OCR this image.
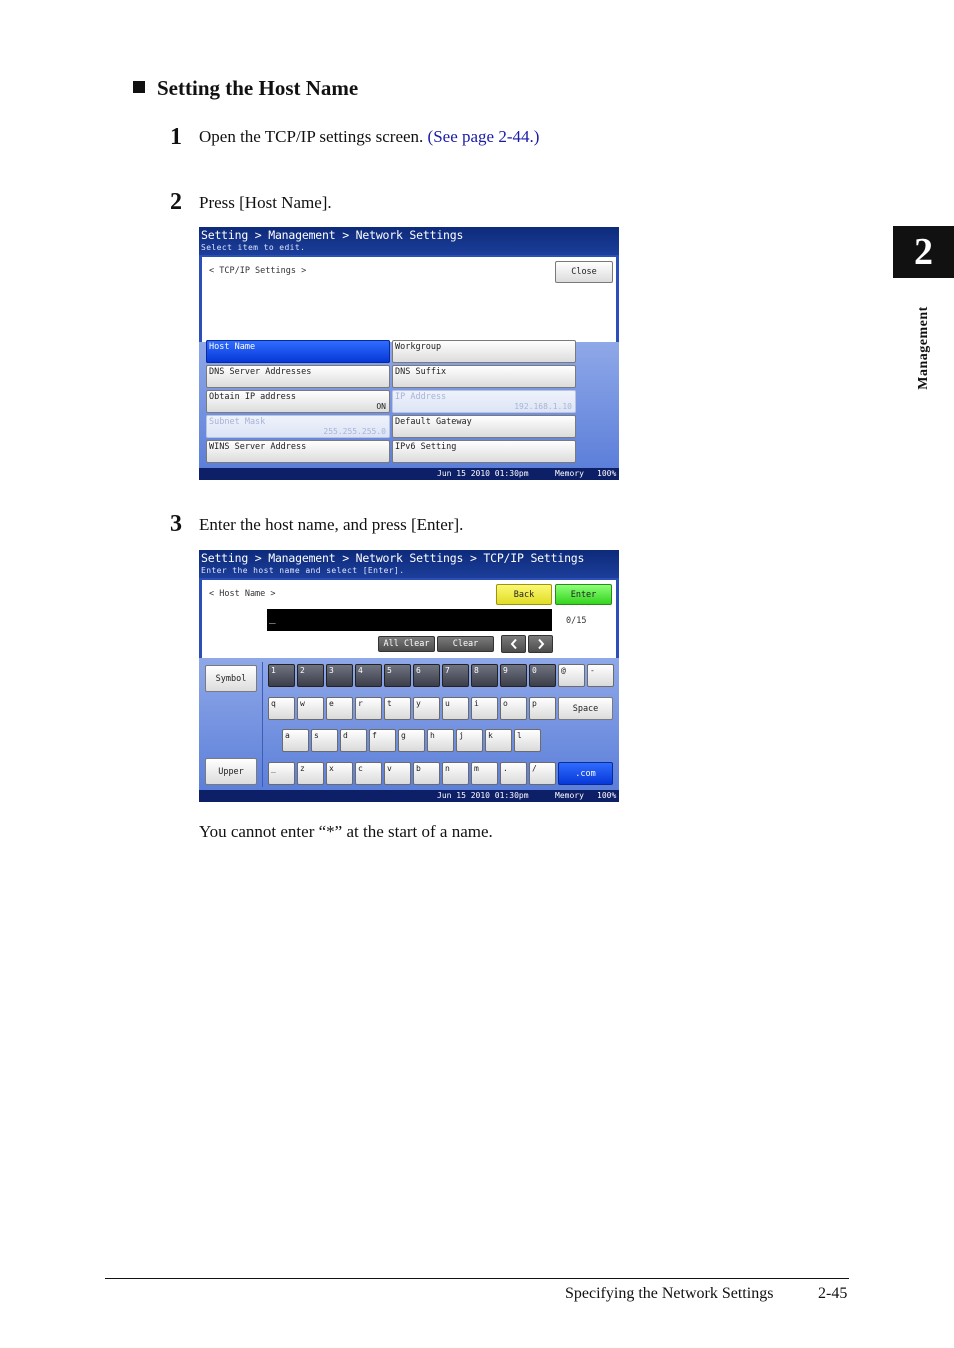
Setting the Host Name
1 Open the TCP/IP settings screen. (See page 2-44.)
2 Press [Host Name].
Setting > Management > Network Settings
Select item to edit.
< TCP/IP Settings >	Close
Host Name	Workgroup
DNS Server Addresses	DNS Suffix
Obtain IP address
ON
IP Address
192.168.1.10
Subnet Mask
255.255.255.0
Default Gateway
WINS Server Address	IPv6 Setting
Jun 15 2010 01:30pm	Memory 100%
3 Enter the host name, and press [Enter].
Setting > Management > Network Settings > TCP/IP Settings
Enter the host name and select [Enter].
< Host Name >	Back	Enter
_	0/15
All Clear	Clear
Symbol
Upper
1	2	3	4	5	6	7	8	9	0	@	-
q	w	e	r	t	y	u	i	o	p	Space
a	s	d	f	g	h	j	k	l
_	z	x	c	v	b	n	m	.	/	.com
Jun 15 2010 01:30pm	Memory 100%
You cannot enter “*” at the start of a name.
2
Management
Specifying the Network Settings	2-45
